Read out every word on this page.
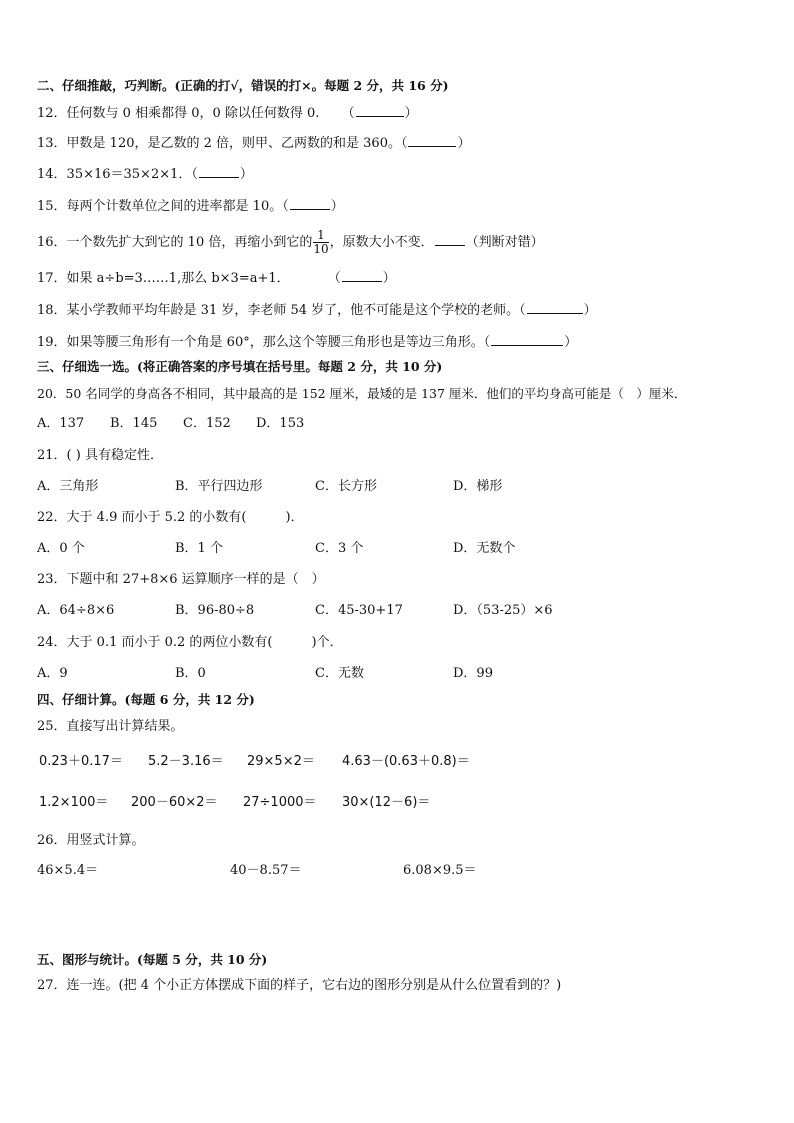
二、仔细推敲，巧判断。(正确的打√，错误的打×。每题 2 分，共 16 分)
12．任何数与 0 相乘都得 0，0 除以任何数得 0. （	）
13．甲数是 120，是乙数的 2 倍，则甲、乙两数的和是 360。（	）
14．35×16＝35×2×1．（	）
15．每两个计数单位之间的进率都是 10。（	）
16．一个数先扩大到它的 10 倍，再缩小到它的 $\frac{1}{10}$ ，原数大小不变． （判断对错）
17．如果 a÷b=3……1,那么 b×3=a+1．	（	）
18．某小学教师平均年龄是 31 岁，李老师 54 岁了，他不可能是这个学校的老师。（	）
19．如果等腰三角形有一个角是 60°，那么这个等腰三角形也是等边三角形。（	）
三、仔细选一选。(将正确答案的序号填在括号里。每题 2 分，共 10 分)
20．50 名同学的身高各不相同，其中最高的是 152 厘米，最矮的是 137 厘米．他们的平均身高可能是（　）厘米．
A．137 B．145 C．152 D．153
21．( ) 具有稳定性．
A．三角形	B．平行四边形	C．长方形	D．梯形
22．大于 4.9 而小于 5.2 的小数有(　　　)．
A．0 个	B．1 个	C．3 个	D．无数个
23．下题中和 27+8×6 运算顺序一样的是（　）
A．64÷8×6	B．96-80÷8	C．45-30+17	D．（53-25）×6
24．大于 0.1 而小于 0.2 的两位小数有(　　　)个．
A．9	B．0	C．无数	D．99
四、仔细计算。(每题 6 分，共 12 分)
25．直接写出计算结果。
0.23＋0.17＝ 5.2－3.16＝ 29×5×2＝ 4.63－(0.63＋0.8)＝
1.2×100＝ 200－60×2＝ 27÷1000＝ 30×(12－6)＝
26．用竖式计算。
46×5.4＝	40－8.57＝	6.08×9.5＝
五、图形与统计。(每题 5 分，共 10 分)
27．连一连。(把 4 个小正方体摆成下面的样子，它右边的图形分别是从什么位置看到的？)
